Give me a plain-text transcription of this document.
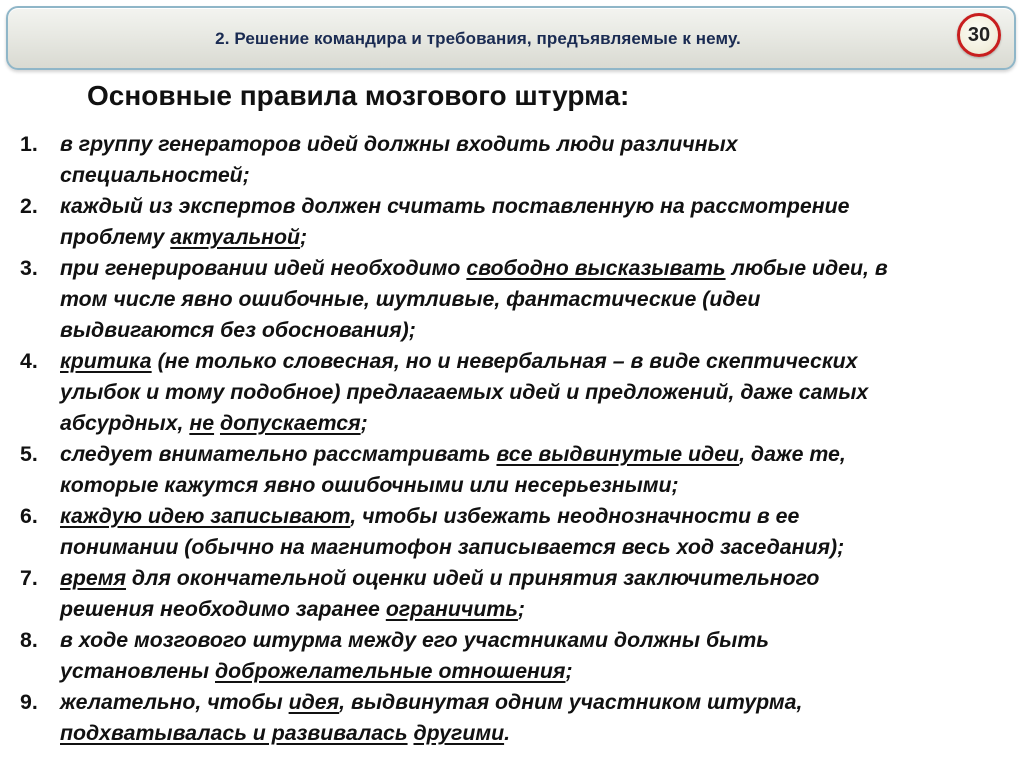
2. Решение командира и требования, предъявляемые к нему.	30
Основные правила мозгового штурма:
1.	в группу генераторов идей должны входить люди различных
специальностей;
2.	каждый из экспертов должен считать поставленную на рассмотрение
проблему актуальной;
3.	при генерировании идей необходимо свободно высказывать любые идеи, в
том числе явно ошибочные, шутливые, фантастические (идеи
выдвигаются без обоснования);
4.	критика (не только словесная, но и невербальная – в виде скептических
улыбок и тому подобное) предлагаемых идей и предложений, даже самых
абсурдных, не допускается;
5.	следует внимательно рассматривать все выдвинутые идеи, даже те,
которые кажутся явно ошибочными или несерьезными;
6.	каждую идею записывают, чтобы избежать неоднозначности в ее
понимании (обычно на магнитофон записывается весь ход заседания);
7.	время для окончательной оценки идей и принятия заключительного
решения необходимо заранее ограничить;
8.	в ходе мозгового штурма между его участниками должны быть
установлены доброжелательные отношения;
9.	желательно, чтобы идея, выдвинутая одним участником штурма,
подхватывалась и развивалась другими.
